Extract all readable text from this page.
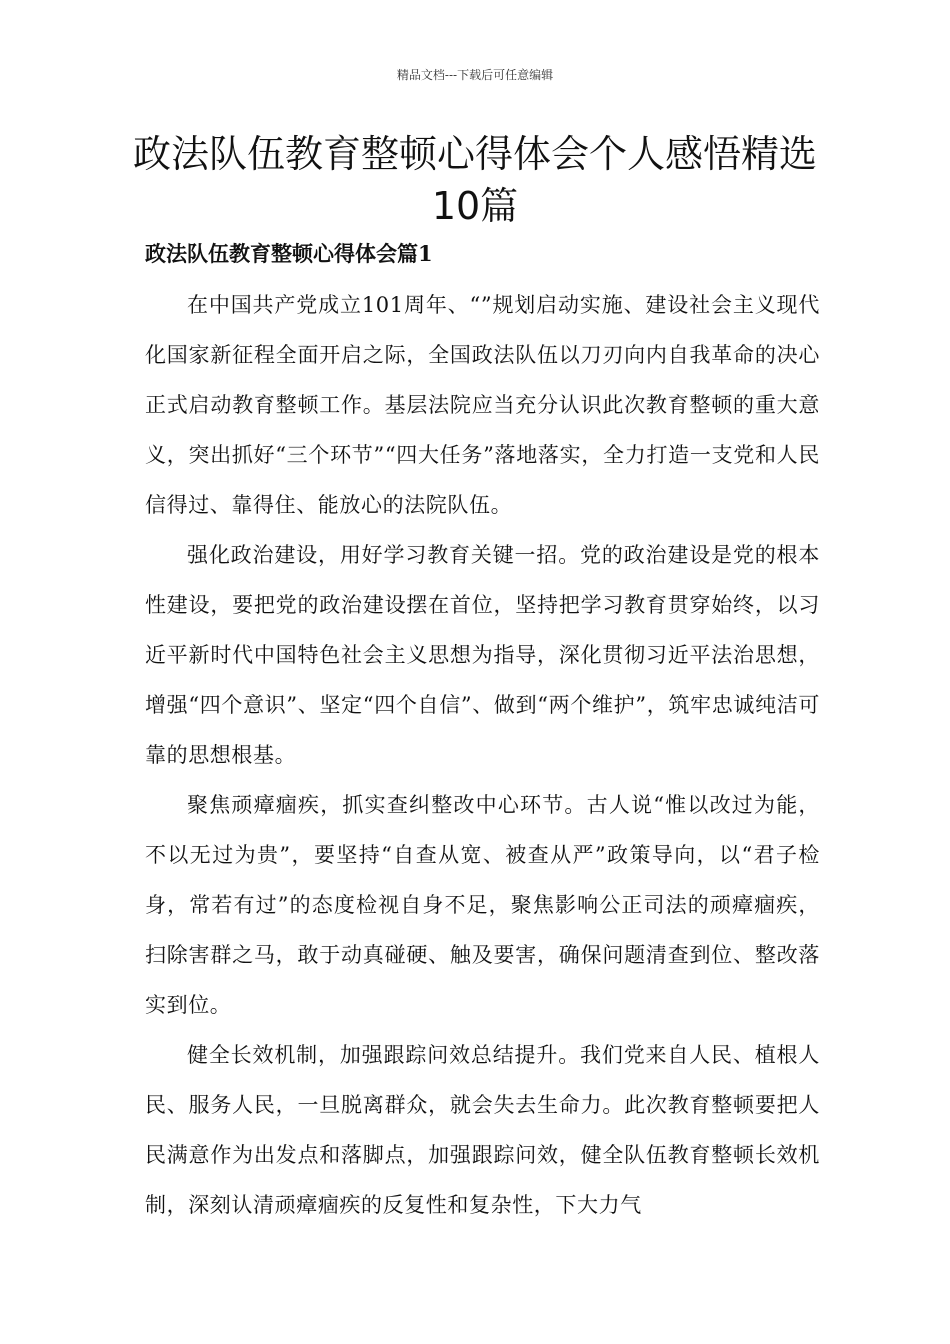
精品文档---下载后可任意编辑
政法队伍教育整顿心得体会个人感悟精选10篇
政法队伍教育整顿心得体会篇1

在中国共产党成立101周年、“”规划启动实施、建设社会主义现代化国家新征程全面开启之际，全国政法队伍以刀刃向内自我革命的决心正式启动教育整顿工作。基层法院应当充分认识此次教育整顿的重大意义，突出抓好“三个环节”“四大任务”落地落实，全力打造一支党和人民信得过、靠得住、能放心的法院队伍。

强化政治建设，用好学习教育关键一招。党的政治建设是党的根本性建设，要把党的政治建设摆在首位，坚持把学习教育贯穿始终，以习近平新时代中国特色社会主义思想为指导，深化贯彻习近平法治思想，增强“四个意识”、坚定“四个自信”、做到“两个维护”，筑牢忠诚纯洁可靠的思想根基。

聚焦顽瘴痼疾，抓实查纠整改中心环节。古人说“惟以改过为能，不以无过为贵”，要坚持“自查从宽、被查从严”政策导向，以“君子检身，常若有过”的态度检视自身不足，聚焦影响公正司法的顽瘴痼疾，扫除害群之马，敢于动真碰硬、触及要害，确保问题清查到位、整改落实到位。

健全长效机制，加强跟踪问效总结提升。我们党来自人民、植根人民、服务人民，一旦脱离群众，就会失去生命力。此次教育整顿要把人民满意作为出发点和落脚点，加强跟踪问效，健全队伍教育整顿长效机制，深刻认清顽瘴痼疾的反复性和复杂性，下大力气
